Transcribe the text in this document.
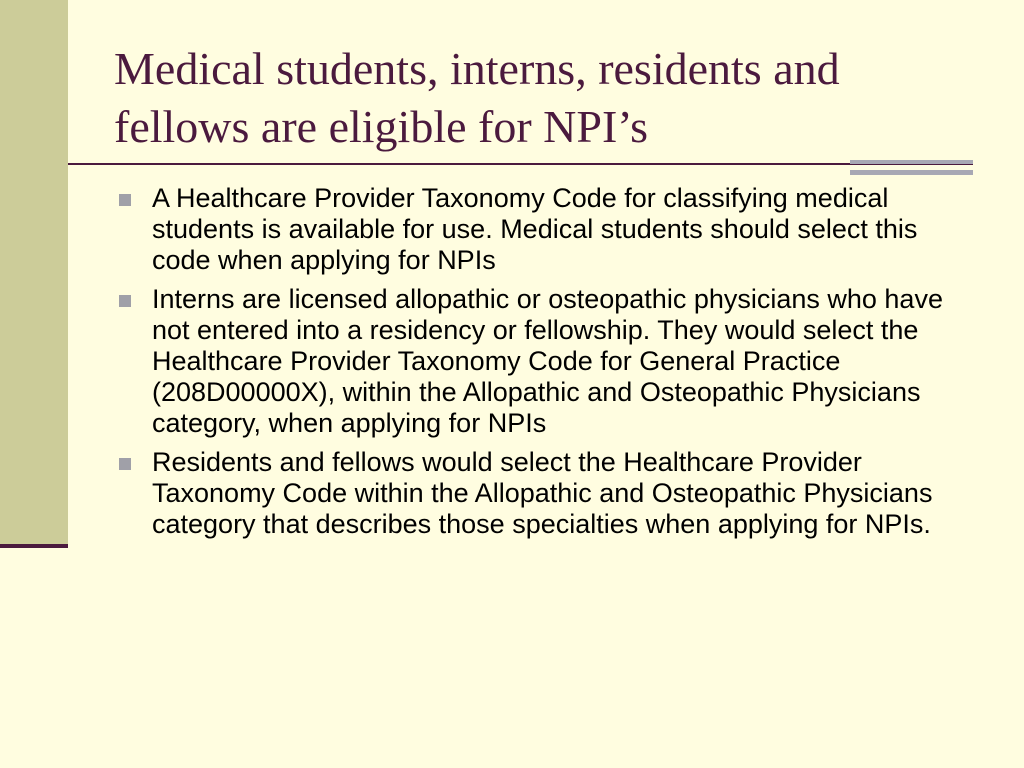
Medical students, interns, residents and fellows are eligible for NPI’s
A Healthcare Provider Taxonomy Code for classifying medical students is available for use. Medical students should select this code when applying for NPIs
Interns are licensed allopathic or osteopathic physicians who have not entered into a residency or fellowship. They would select the Healthcare Provider Taxonomy Code for General Practice (208D00000X), within the Allopathic and Osteopathic Physicians category, when applying for NPIs
Residents and fellows would select the Healthcare Provider Taxonomy Code within the Allopathic and Osteopathic Physicians category that describes those specialties when applying for NPIs.
